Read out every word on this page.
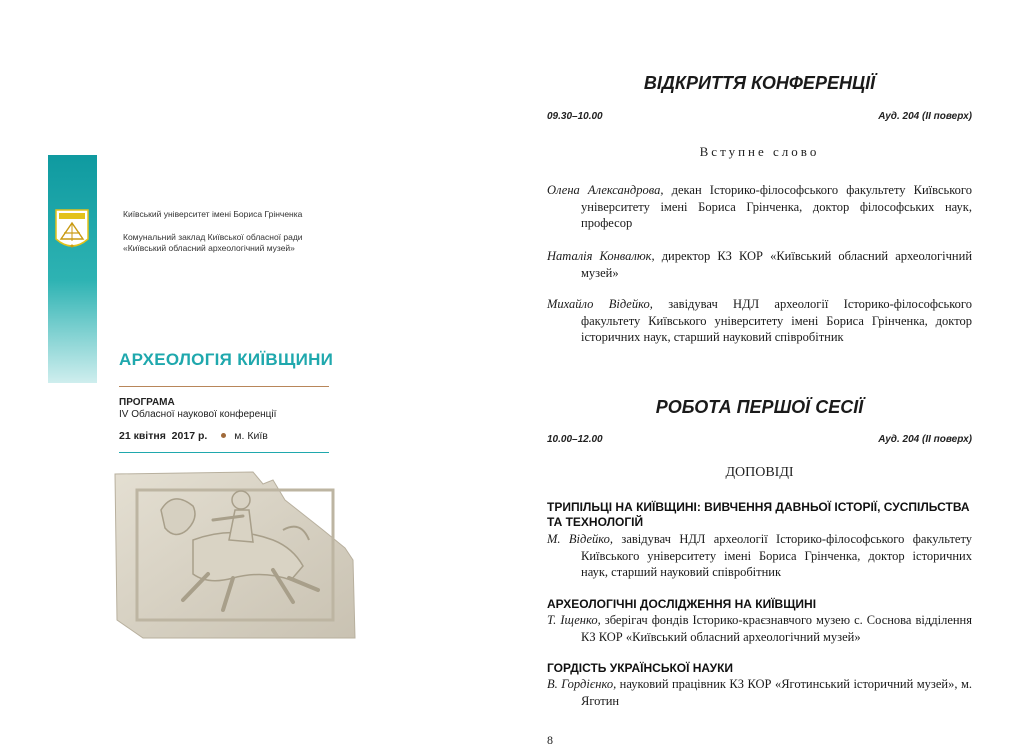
Київський університет імені Бориса Грінченка

Комунальний заклад Київської обласної ради

«Київський обласний археологічний музей»

АРХЕОЛОГІЯ КИЇВЩИНИ

ПРОГРАМА
IV Обласної наукової конференції

21 квітня  2017 р.	м. Київ
ВІДКРИТТЯ КОНФЕРЕНЦІЇ
09.30–10.00	Ауд. 204 (ІІ поверх)
Вступне слово

Олена Александрова, декан Історико-філософського факультету Київського університету імені Бориса Грінченка, доктор філософських наук, професор

Наталія Конвалюк, директор КЗ КОР «Київський обласний археологічний музей»

Михайло Відейко, завідувач НДЛ археології Історико-філософського факультету Київського університету імені Бориса Грінченка, доктор історичних наук, старший науковий співробітник

РОБОТА ПЕРШОЇ СЕСІЇ
10.00–12.00	Ауд. 204 (ІІ поверх)
ДОПОВІДІ

ТРИПІЛЬЦІ НА КИЇВЩИНІ: ВИВЧЕННЯ ДАВНЬОЇ ІСТОРІЇ, СУСПІЛЬСТВА ТА ТЕХНОЛОГІЙ

М. Відейко, завідувач НДЛ археології Історико-філософського факультету Київського університету імені Бориса Грінченка, доктор історичних наук, старший науковий співробітник

АРХЕОЛОГІЧНІ ДОСЛІДЖЕННЯ НА КИЇВЩИНІ

Т. Іщенко, зберігач фондів Історико-краєзнавчого музею с. Соснова відділення КЗ КОР «Київський обласний археологічний музей»

ГОРДІСТЬ УКРАЇНСЬКОЇ НАУКИ

В. Гордієнко, науковий працівник КЗ КОР «Яготинський історичний музей», м. Яготин

8
